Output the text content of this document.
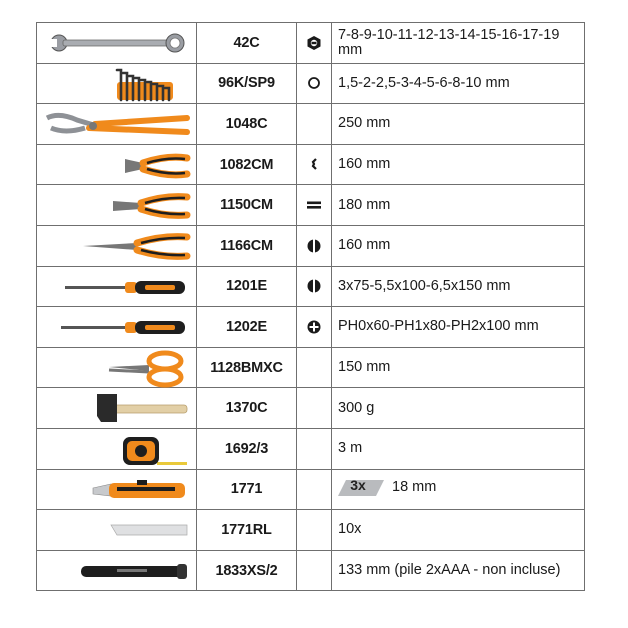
	42C		7-8-9-10-11-12-13-14-15-16-17-19 mm

	96K/SP9		1,5-2-2,5-3-4-5-6-8-10 mm

	1048C		250 mm

	1082CM		160 mm

	1150CM		180 mm

	1166CM		160 mm

	1201E		3x75-5,5x100-6,5x150 mm

	1202E		PH0x60-PH1x80-PH2x100 mm

	1128BMXC		150 mm

	1370C		300 g

	1692/3		3 m

	1771		3x 18 mm

	1771RL		10x

	1833XS/2		133 mm (pile 2xAAA - non incluse)
